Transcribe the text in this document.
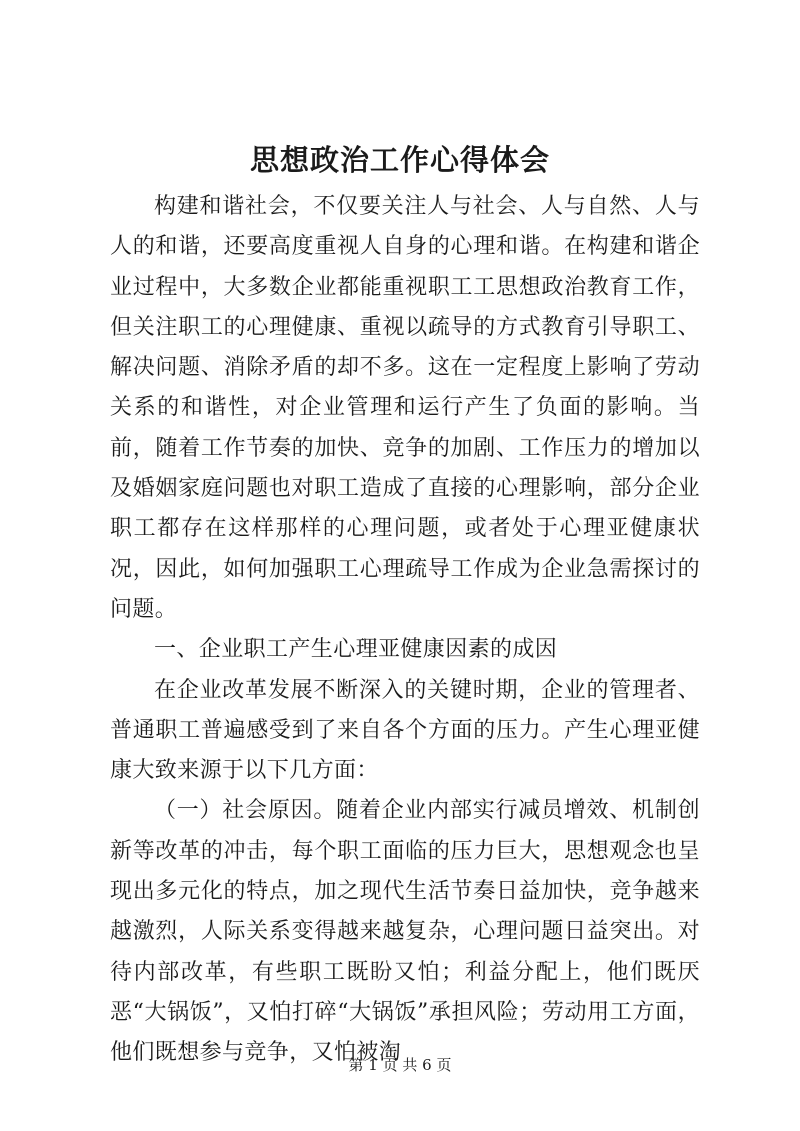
思想政治工作心得体会

构建和谐社会，不仅要关注人与社会、人与自然、人与人的和谐，还要高度重视人自身的心理和谐。在构建和谐企业过程中，大多数企业都能重视职工工思想政治教育工作，但关注职工的心理健康、重视以疏导的方式教育引导职工、解决问题、消除矛盾的却不多。这在一定程度上影响了劳动关系的和谐性，对企业管理和运行产生了负面的影响。当前，随着工作节奏的加快、竞争的加剧、工作压力的增加以及婚姻家庭问题也对职工造成了直接的心理影响，部分企业职工都存在这样那样的心理问题，或者处于心理亚健康状况，因此，如何加强职工心理疏导工作成为企业急需探讨的问题。

一、企业职工产生心理亚健康因素的成因

在企业改革发展不断深入的关键时期，企业的管理者、普通职工普遍感受到了来自各个方面的压力。产生心理亚健康大致来源于以下几方面：

（一）社会原因。随着企业内部实行减员增效、机制创新等改革的冲击，每个职工面临的压力巨大，思想观念也呈现出多元化的特点，加之现代生活节奏日益加快，竞争越来越激烈，人际关系变得越来越复杂，心理问题日益突出。对待内部改革，有些职工既盼又怕；利益分配上，他们既厌恶“大锅饭”，又怕打碎“大锅饭”承担风险；劳动用工方面，他们既想参与竞争，又怕被淘

第 1 页 共 6 页
